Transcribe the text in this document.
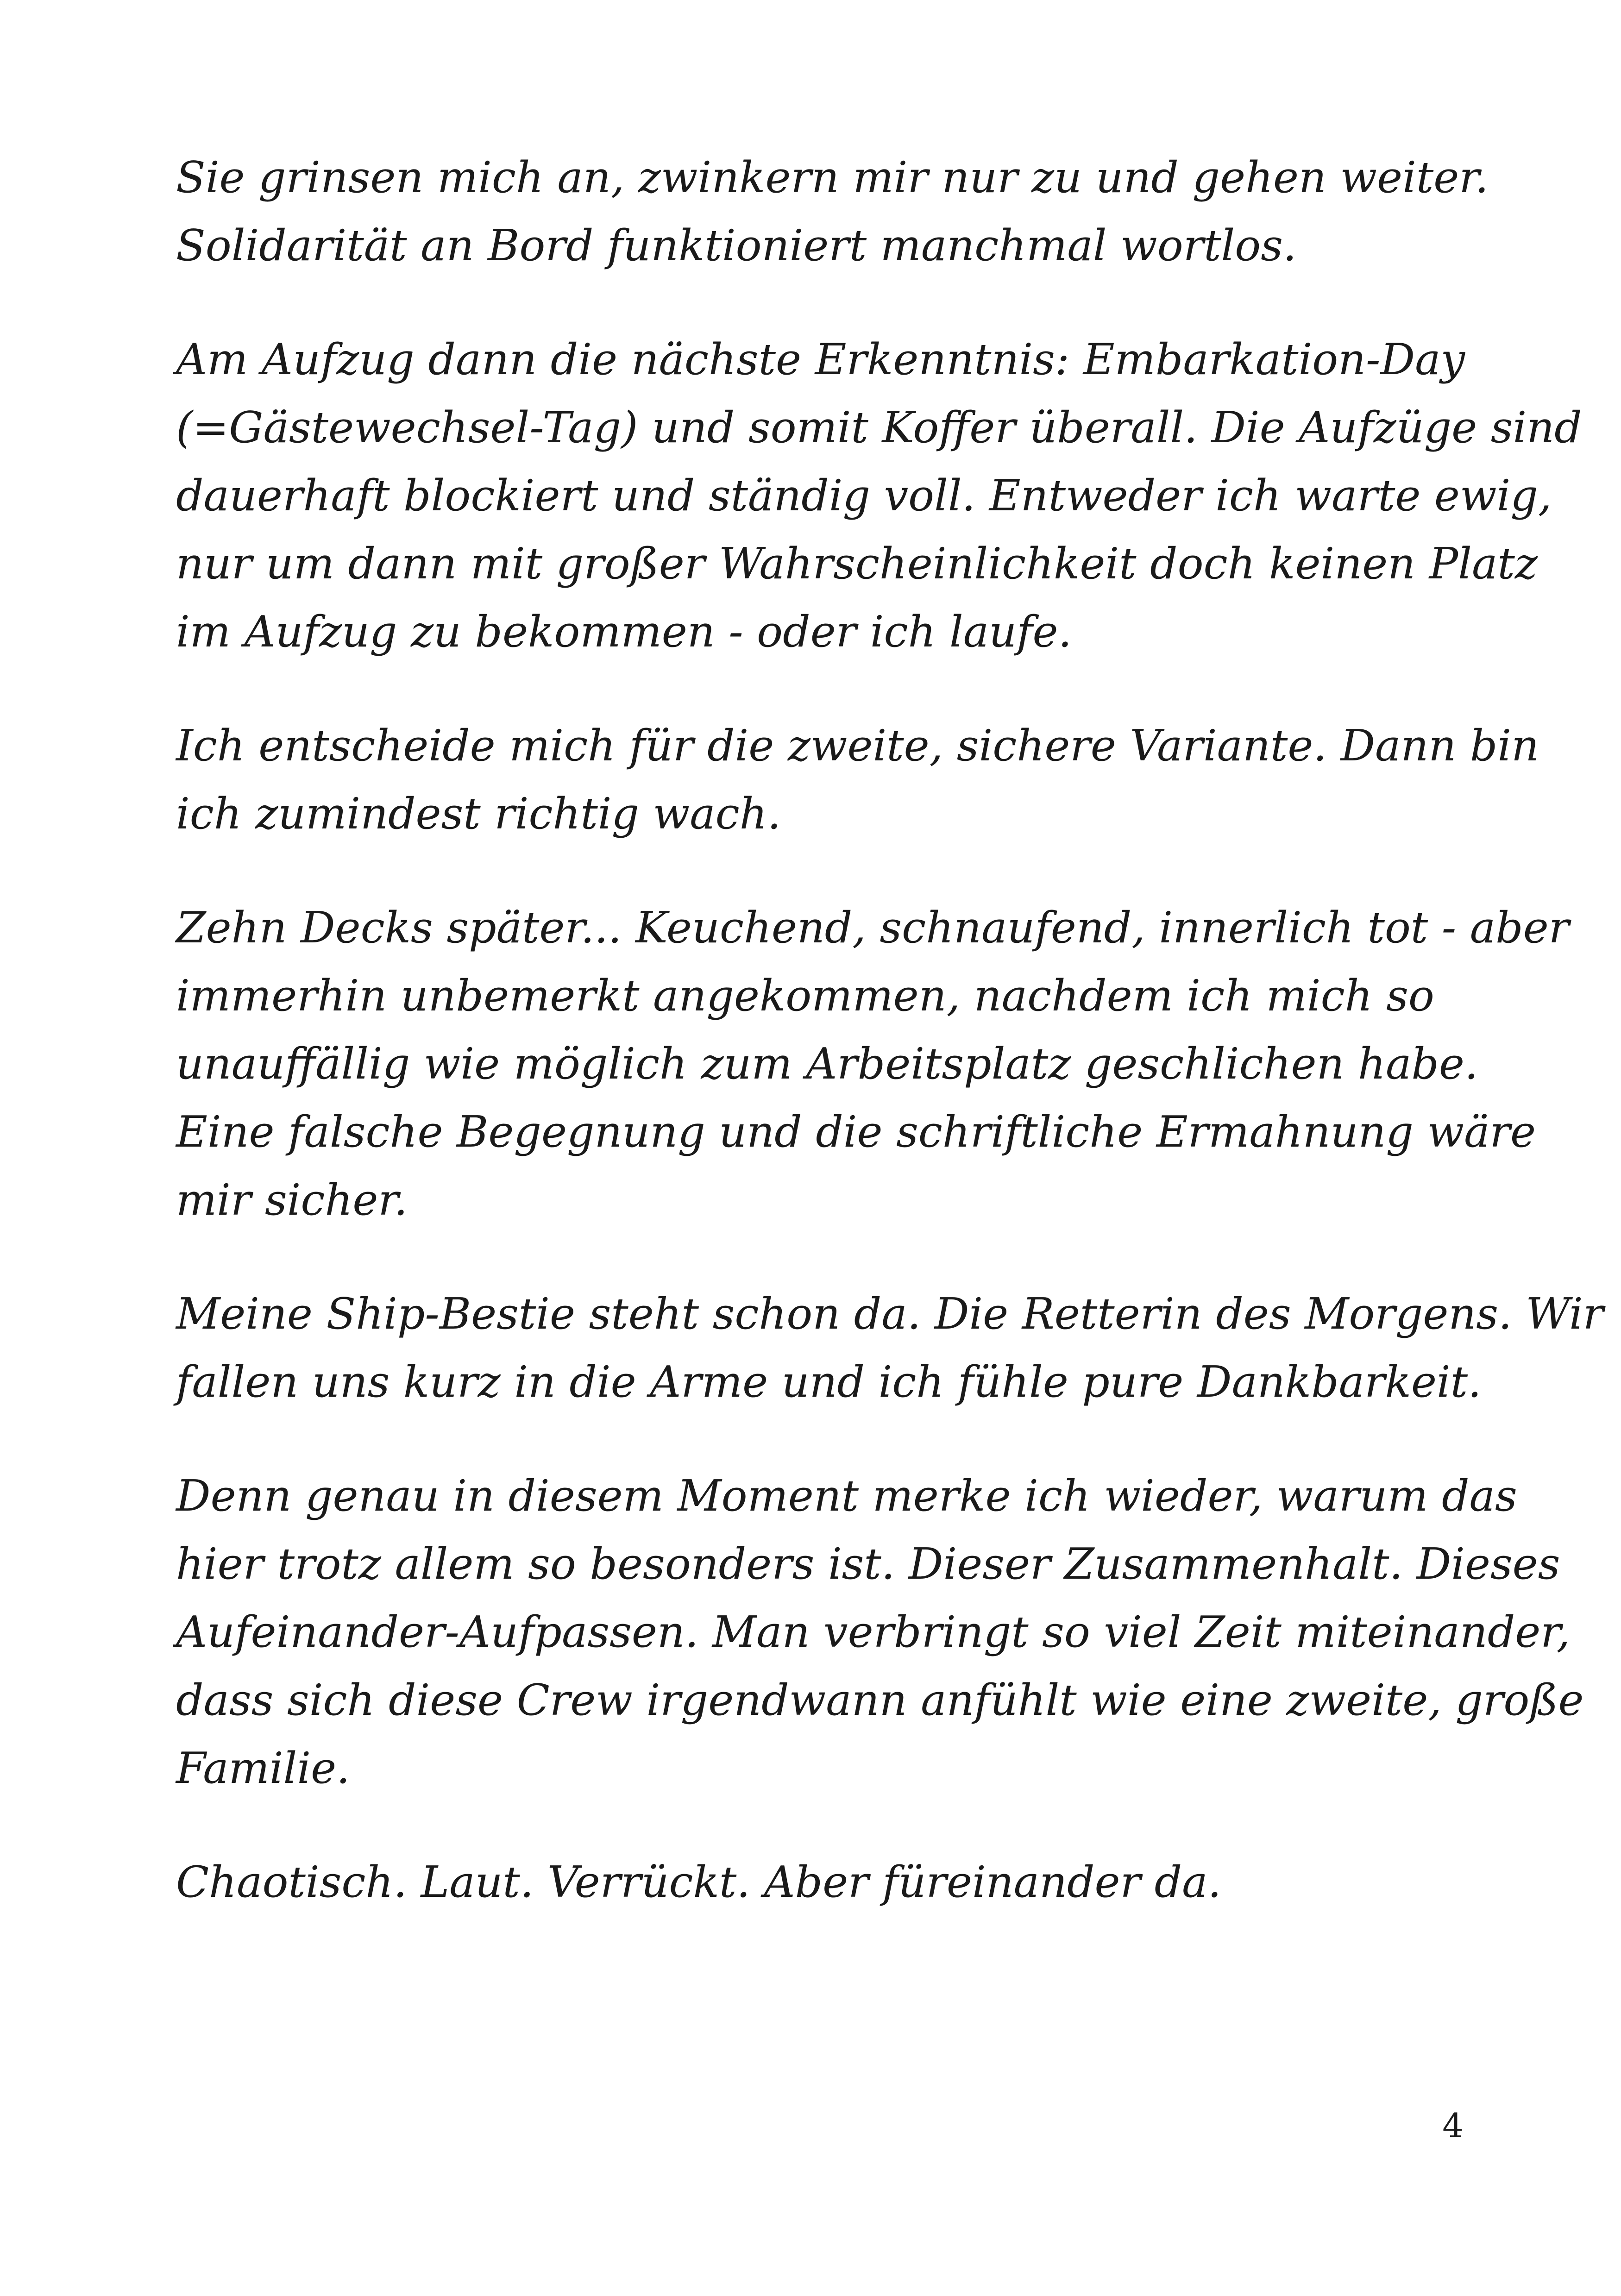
Sie grinsen mich an, zwinkern mir nur zu und gehen weiter.
Solidarität an Bord funktioniert manchmal wortlos.

Am Aufzug dann die nächste Erkenntnis: Embarkation-Day
(=Gästewechsel-Tag) und somit Koffer überall. Die Aufzüge sind
dauerhaft blockiert und ständig voll. Entweder ich warte ewig,
nur um dann mit großer Wahrscheinlichkeit doch keinen Platz
im Aufzug zu bekommen - oder ich laufe.

Ich entscheide mich für die zweite, sichere Variante. Dann bin
ich zumindest richtig wach.

Zehn Decks später... Keuchend, schnaufend, innerlich tot - aber
immerhin unbemerkt angekommen, nachdem ich mich so
unauffällig wie möglich zum Arbeitsplatz geschlichen habe.
Eine falsche Begegnung und die schriftliche Ermahnung wäre
mir sicher.

Meine Ship-Bestie steht schon da. Die Retterin des Morgens. Wir
fallen uns kurz in die Arme und ich fühle pure Dankbarkeit.

Denn genau in diesem Moment merke ich wieder, warum das
hier trotz allem so besonders ist. Dieser Zusammenhalt. Dieses
Aufeinander-Aufpassen. Man verbringt so viel Zeit miteinander,
dass sich diese Crew irgendwann anfühlt wie eine zweite, große
Familie.

Chaotisch. Laut. Verrückt. Aber füreinander da.

4
